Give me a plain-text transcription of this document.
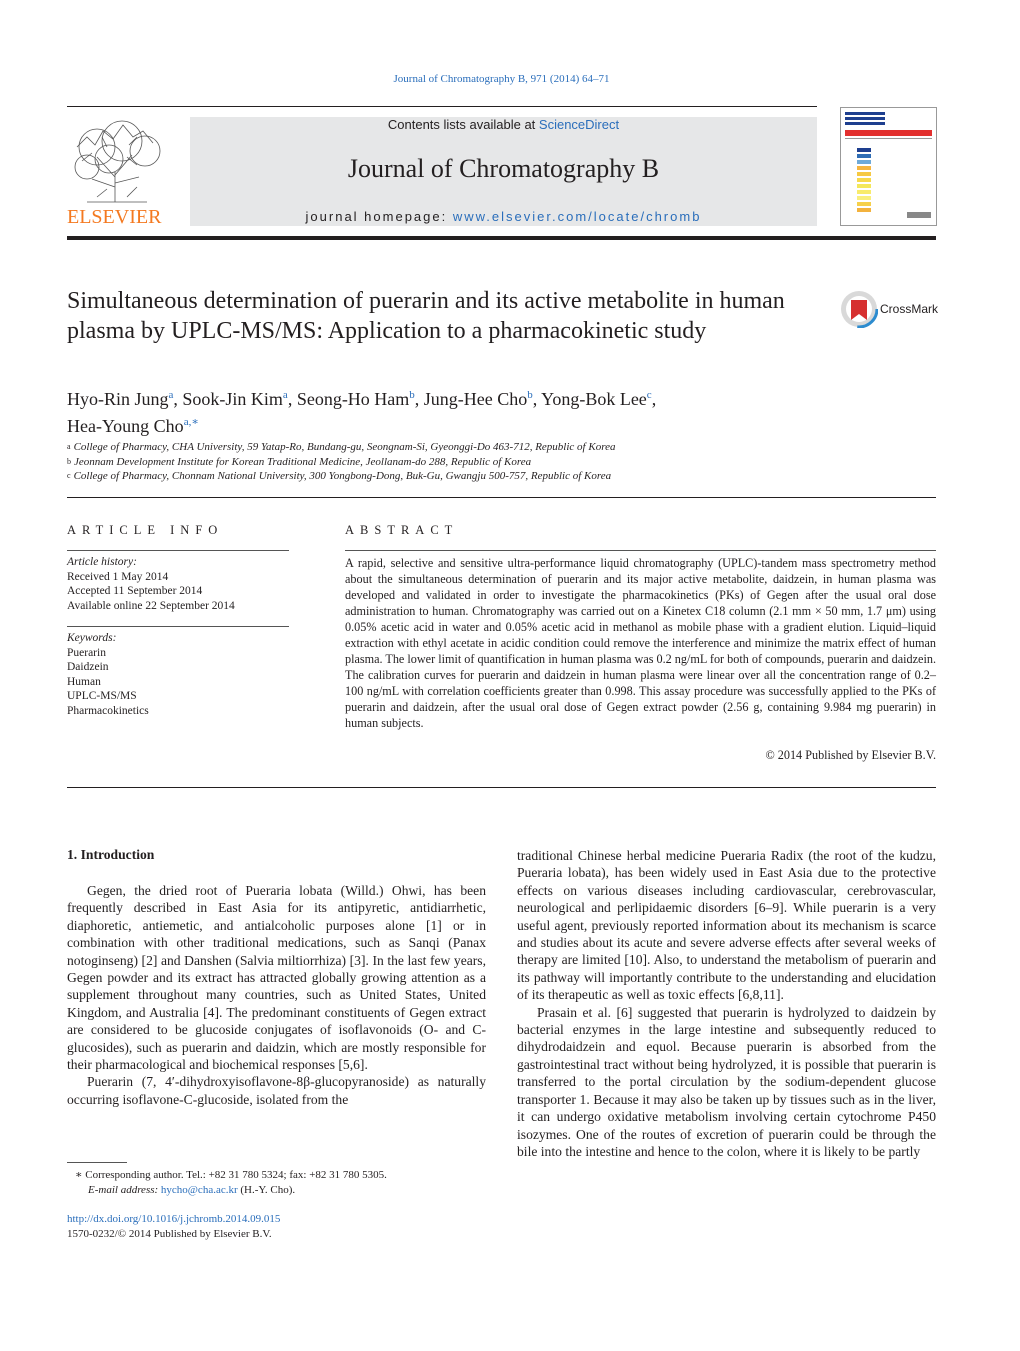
Journal of Chromatography B, 971 (2014) 64–71
ELSEVIER
Contents lists available at ScienceDirect
Journal of Chromatography B
journal homepage: www.elsevier.com/locate/chromb
Simultaneous determination of puerarin and its active metabolite in human plasma by UPLC-MS/MS: Application to a pharmacokinetic study
CrossMark
Hyo-Rin Jung$^a$, Sook-Jin Kim$^a$, Seong-Ho Ham$^b$, Jung-Hee Cho$^b$, Yong-Bok Lee$^c$,
Hea-Young Cho$^{a,∗}$
$^a$ College of Pharmacy, CHA University, 59 Yatap-Ro, Bundang-gu, Seongnam-Si, Gyeonggi-Do 463-712, Republic of Korea
$^b$ Jeonnam Development Institute for Korean Traditional Medicine, Jeollanam-do 288, Republic of Korea
$^c$ College of Pharmacy, Chonnam National University, 300 Yongbong-Dong, Buk-Gu, Gwangju 500-757, Republic of Korea
ARTICLE INFO
Article history:
Received 1 May 2014
Accepted 11 September 2014
Available online 22 September 2014
Keywords:
Puerarin
Daidzein
Human
UPLC-MS/MS
Pharmacokinetics
ABSTRACT
A rapid, selective and sensitive ultra-performance liquid chromatography (UPLC)-tandem mass spectrometry method about the simultaneous determination of puerarin and its major active metabolite, daidzein, in human plasma was developed and validated in order to investigate the pharmacokinetics (PKs) of Gegen after the usual oral dose administration to human. Chromatography was carried out on a Kinetex C18 column (2.1 mm × 50 mm, 1.7 μm) using 0.05% acetic acid in water and 0.05% acetic acid in methanol as mobile phase with a gradient elution. Liquid–liquid extraction with ethyl acetate in acidic condition could remove the interference and minimize the matrix effect of human plasma. The lower limit of quantification in human plasma was 0.2 ng/mL for both of compounds, puerarin and daidzein. The calibration curves for puerarin and daidzein in human plasma were linear over all the concentration range of 0.2–100 ng/mL with correlation coefficients greater than 0.998. This assay procedure was successfully applied to the PKs of puerarin and daidzein, after the usual oral dose of Gegen extract powder (2.56 g, containing 9.984 mg puerarin) in human subjects.
© 2014 Published by Elsevier B.V.
1. Introduction

Gegen, the dried root of Pueraria lobata (Willd.) Ohwi, has been frequently described in East Asia for its antipyretic, antidiarrhetic, diaphoretic, antiemetic, and antialcoholic purposes alone [1] or in combination with other traditional medications, such as Sanqi (Panax notoginseng) [2] and Danshen (Salvia miltiorrhiza) [3]. In the last few years, Gegen powder and its extract has attracted globally growing attention as a supplement throughout many countries, such as United States, United Kingdom, and Australia [4]. The predominant constituents of Gegen extract are considered to be glucoside conjugates of isoflavonoids (O- and C-glucosides), such as puerarin and daidzin, which are mostly responsible for their pharmacological and biochemical responses [5,6].

Puerarin (7, 4′-dihydroxyisoflavone-8β-glucopyranoside) as naturally occurring isoflavone-C-glucoside, isolated from the

traditional Chinese herbal medicine Pueraria Radix (the root of the kudzu, Pueraria lobata), has been widely used in East Asia due to the protective effects on various diseases including cardiovascular, cerebrovascular, neurological and perlipidaemic disorders [6–9]. While puerarin is a very useful agent, previously reported information about its mechanism is scarce and studies about its acute and severe adverse effects after several weeks of therapy are limited [10]. Also, to understand the metabolism of puerarin and its pathway will importantly contribute to the understanding and elucidation of its therapeutic as well as toxic effects [6,8,11].

Prasain et al. [6] suggested that puerarin is hydrolyzed to daidzein by bacterial enzymes in the large intestine and subsequently reduced to dihydrodaidzein and equol. Because puerarin is absorbed from the gastrointestinal tract without being hydrolyzed, it is possible that puerarin is transferred to the portal circulation by the sodium-dependent glucose transporter 1. Because it may also be taken up by tissues such as in the liver, it can undergo oxidative metabolism involving certain cytochrome P450 isozymes. One of the routes of excretion of puerarin could be through the bile into the intestine and hence to the colon, where it is likely to be partly

∗ Corresponding author. Tel.: +82 31 780 5324; fax: +82 31 780 5305.
E-mail address: hycho@cha.ac.kr (H.-Y. Cho).
http://dx.doi.org/10.1016/j.jchromb.2014.09.015
1570-0232/© 2014 Published by Elsevier B.V.
